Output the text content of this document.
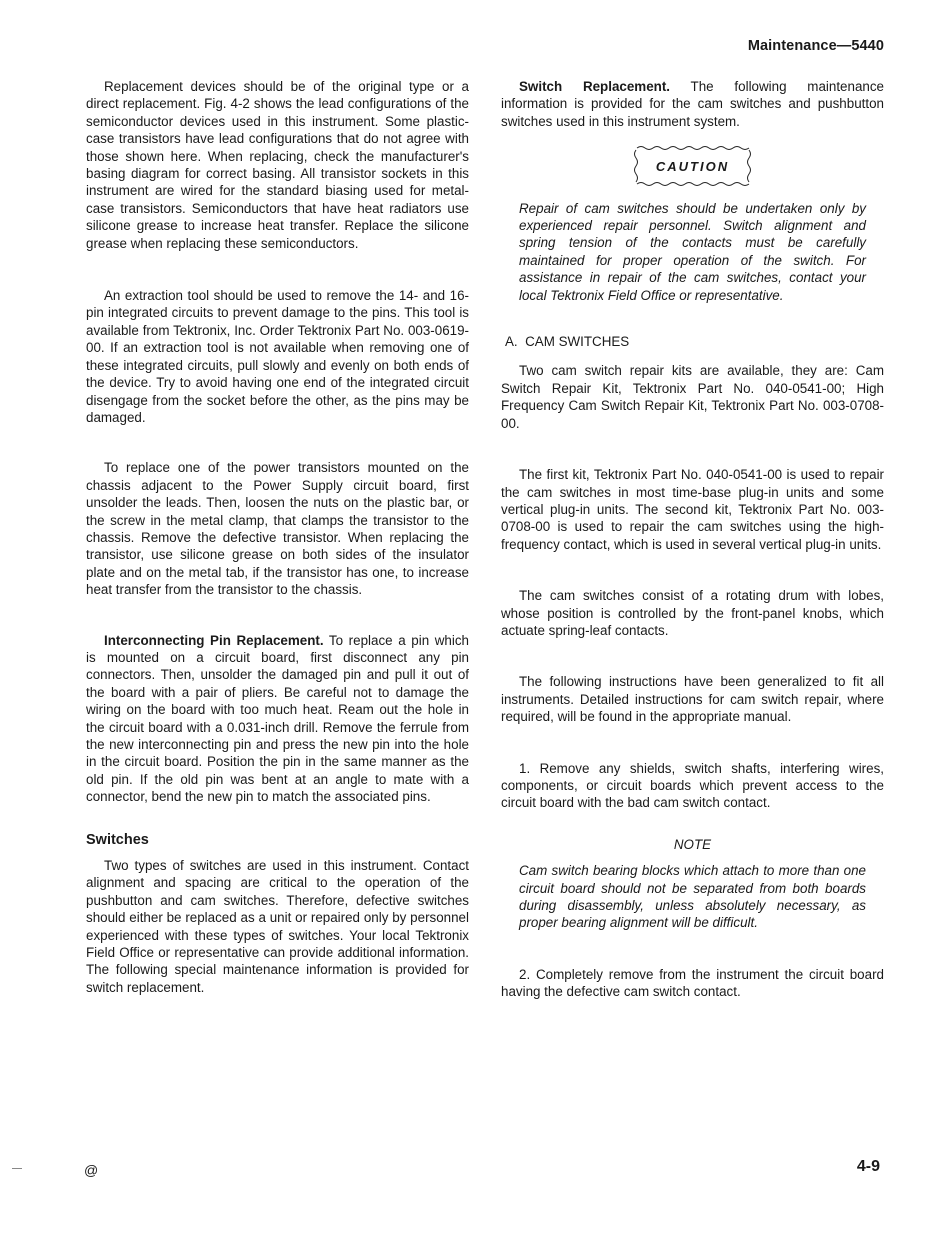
Maintenance—5440

Replacement devices should be of the original type or a direct replacement. Fig. 4-2 shows the lead configurations of the semiconductor devices used in this instrument. Some plastic-case transistors have lead configurations that do not agree with those shown here. When replacing, check the manufacturer's basing diagram for correct basing. All transistor sockets in this instrument are wired for the standard biasing used for metal-case transistors. Semiconductors that have heat radiators use silicone grease to increase heat transfer. Replace the silicone grease when replacing these semiconductors.

An extraction tool should be used to remove the 14- and 16-pin integrated circuits to prevent damage to the pins. This tool is available from Tektronix, Inc. Order Tektronix Part No. 003-0619-00. If an extraction tool is not available when removing one of these integrated circuits, pull slowly and evenly on both ends of the device. Try to avoid having one end of the integrated circuit disengage from the socket before the other, as the pins may be damaged.

To replace one of the power transistors mounted on the chassis adjacent to the Power Supply circuit board, first unsolder the leads. Then, loosen the nuts on the plastic bar, or the screw in the metal clamp, that clamps the transistor to the chassis. Remove the defective transistor. When replacing the transistor, use silicone grease on both sides of the insulator plate and on the metal tab, if the transistor has one, to increase heat transfer from the transistor to the chassis.

Interconnecting Pin Replacement. To replace a pin which is mounted on a circuit board, first disconnect any pin connectors. Then, unsolder the damaged pin and pull it out of the board with a pair of pliers. Be careful not to damage the wiring on the board with too much heat. Ream out the hole in the circuit board with a 0.031-inch drill. Remove the ferrule from the new interconnecting pin and press the new pin into the hole in the circuit board. Position the pin in the same manner as the old pin. If the old pin was bent at an angle to mate with a connector, bend the new pin to match the associated pins.

Switches

Two types of switches are used in this instrument. Contact alignment and spacing are critical to the operation of the pushbutton and cam switches. Therefore, defective switches should either be replaced as a unit or repaired only by personnel experienced with these types of switches. Your local Tektronix Field Office or representative can provide additional information. The following special maintenance information is provided for switch replacement.

Switch Replacement. The following maintenance information is provided for the cam switches and pushbutton switches used in this instrument system.

CAUTION
Repair of cam switches should be undertaken only by experienced repair personnel. Switch alignment and spring tension of the contacts must be carefully maintained for proper operation of the switch. For assistance in repair of the cam switches, contact your local Tektronix Field Office or representative.

A.  CAM SWITCHES

Two cam switch repair kits are available, they are: Cam Switch Repair Kit, Tektronix Part No. 040-0541-00; High Frequency Cam Switch Repair Kit, Tektronix Part No. 003-0708-00.

The first kit, Tektronix Part No. 040-0541-00 is used to repair the cam switches in most time-base plug-in units and some vertical plug-in units. The second kit, Tektronix Part No. 003-0708-00 is used to repair the cam switches using the high-frequency contact, which is used in several vertical plug-in units.

The cam switches consist of a rotating drum with lobes, whose position is controlled by the front-panel knobs, which actuate spring-leaf contacts.

The following instructions have been generalized to fit all instruments. Detailed instructions for cam switch repair, where required, will be found in the appropriate manual.

1. Remove any shields, switch shafts, interfering wires, components, or circuit boards which prevent access to the circuit board with the bad cam switch contact.

NOTE

Cam switch bearing blocks which attach to more than one circuit board should not be separated from both boards during disassembly, unless absolutely necessary, as proper bearing alignment will be difficult.

2. Completely remove from the instrument the circuit board having the defective cam switch contact.

@	4-9
